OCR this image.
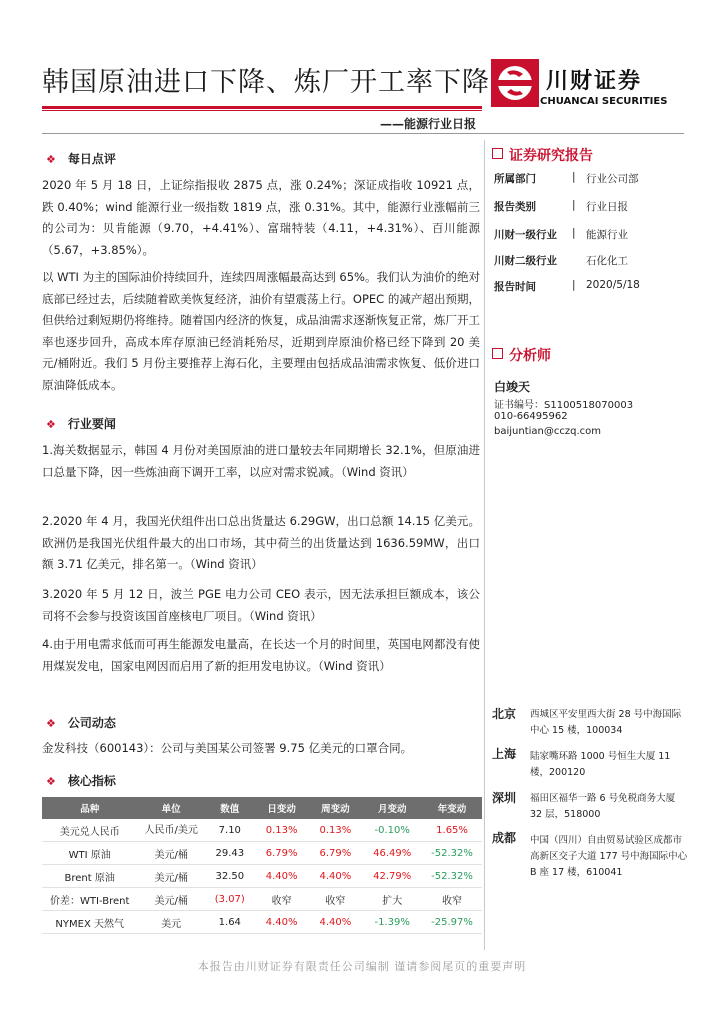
韩国原油进口下降、炼厂开工率下降	川财证券
CHUANCAI SECURITIES
——能源行业日报
❖ 每日点评
2020 年 5 月 18 日，上证综指报收 2875 点，涨 0.24%；深证成指收 10921 点，跌 0.40%；wind 能源行业一级指数 1819 点，涨 0.31%。其中，能源行业涨幅前三的公司为：贝肯能源（9.70，+4.41%）、富瑞特装（4.11，+4.31%）、百川能源（5.67，+3.85%）。
以 WTI 为主的国际油价持续回升，连续四周涨幅最高达到 65%。我们认为油价的绝对底部已经过去，后续随着欧美恢复经济，油价有望震荡上行。OPEC 的减产超出预期，但供给过剩短期仍将维持。随着国内经济的恢复，成品油需求逐渐恢复正常，炼厂开工率也逐步回升，高成本库存原油已经消耗殆尽，近期到岸原油价格已经下降到 20 美元/桶附近。我们 5 月份主要推荐上海石化，主要理由包括成品油需求恢复、低价进口原油降低成本。
❖ 行业要闻
1.海关数据显示，韩国 4 月份对美国原油的进口量较去年同期增长 32.1%，但原油进口总量下降，因一些炼油商下调开工率，以应对需求锐减。（Wind 资讯）
2.2020 年 4 月，我国光伏组件出口总出货量达 6.29GW，出口总额 14.15 亿美元。欧洲仍是我国光伏组件最大的出口市场，其中荷兰的出货量达到 1636.59MW，出口额 3.71 亿美元，排名第一。（Wind 资讯）
3.2020 年 5 月 12 日，波兰 PGE 电力公司 CEO 表示，因无法承担巨额成本，该公司将不会参与投资该国首座核电厂项目。（Wind 资讯）
4.由于用电需求低而可再生能源发电量高，在长达一个月的时间里，英国电网都没有使用煤炭发电，国家电网因而启用了新的拒用发电协议。（Wind 资讯）
❖ 公司动态
金发科技（600143）：公司与美国某公司签署 9.75 亿美元的口罩合同。
❖ 核心指标
品种	单位	数值	日变动	周变动	月变动	年变动
美元兑人民币	人民币/美元	7.10	0.13%	0.13%	-0.10%	1.65%
WTI 原油	美元/桶	29.43	6.79%	6.79%	46.49%	-52.32%
Brent 原油	美元/桶	32.50	4.40%	4.40%	42.79%	-52.32%
价差：WTI-Brent	美元/桶	(3.07)	收窄	收窄	扩大	收窄
NYMEX 天然气	美元	1.64	4.40%	4.40%	-1.39%	-25.97%
证券研究报告
所属部门	| 行业公司部
报告类别	| 行业日报
川财一级行业 | 能源行业
川财二级行业	石化化工
报告时间	| 2020/5/18
分析师
白竣天
证书编号：S1100518070003
010-66495962
baijuntian@cczq.com
北京 西城区平安里西大街 28 号中海国际中心 15 楼，100034
上海 陆家嘴环路 1000 号恒生大厦 11 楼，200120
深圳 福田区福华一路 6 号免税商务大厦 32 层，518000
成都 中国（四川）自由贸易试验区成都市高新区交子大道 177 号中海国际中心 B 座 17 楼，610041
本报告由川财证券有限责任公司编制 谨请参阅尾页的重要声明
